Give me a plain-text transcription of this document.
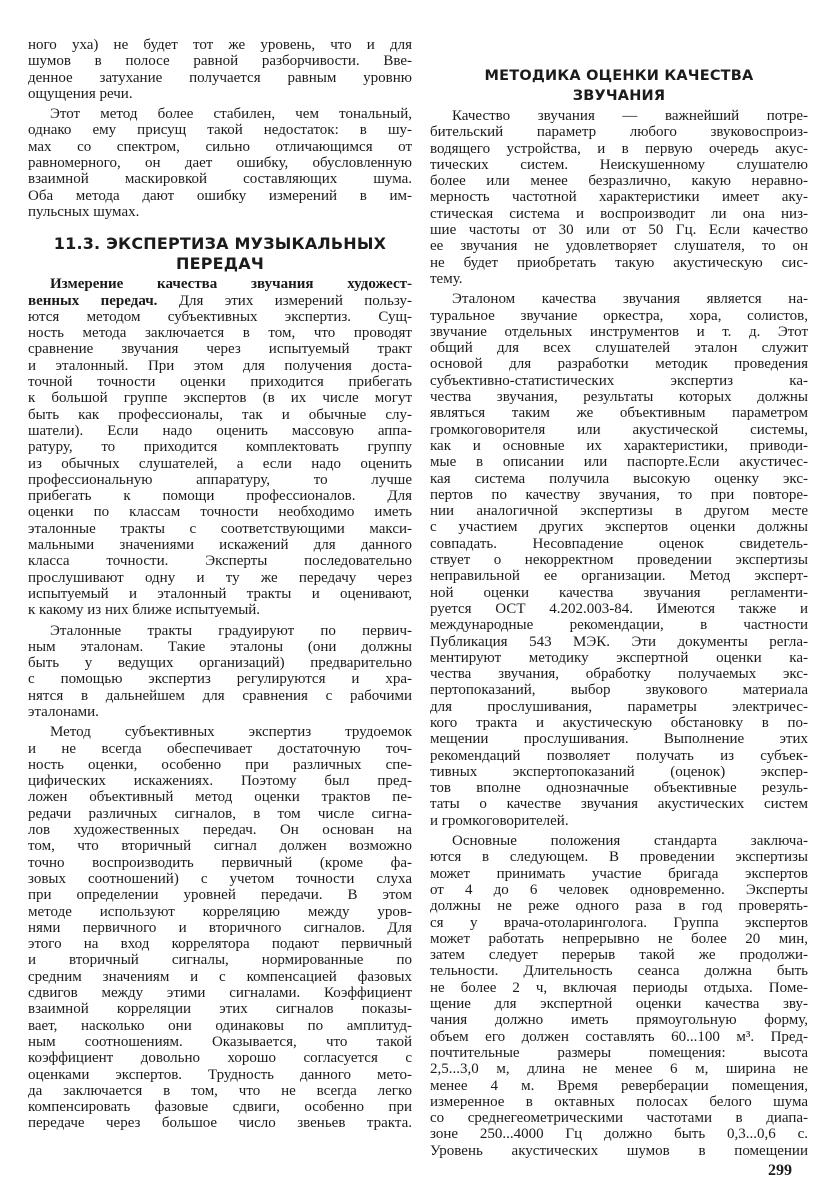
ного уха) не будет тот же уровень, что и для
шумов в полосе равной разборчивости. Вве-
денное затухание получается равным уровню
ощущения речи.
Этот метод более стабилен, чем тональный,
однако ему присущ такой недостаток: в шу-
мах со спектром, сильно отличающимся от
равномерного, он дает ошибку, обусловленную
взаимной маскировкой составляющих шума.
Оба метода дают ошибку измерений в им-
пульсных шумах.
11.3. ЭКСПЕРТИЗА МУЗЫКАЛЬНЫХ
ПЕРЕДАЧ
Измерение качества звучания художест-
венных передач. Для этих измерений пользу-
ются методом субъективных экспертиз. Сущ-
ность метода заключается в том, что проводят
сравнение звучания через испытуемый тракт
и эталонный. При этом для получения доста-
точной точности оценки приходится прибегать
к большой группе экспертов (в их числе могут
быть как профессионалы, так и обычные слу-
шатели). Если надо оценить массовую аппа-
ратуру, то приходится комплектовать группу
из обычных слушателей, а если надо оценить
профессиональную аппаратуру, то лучше
прибегать к помощи профессионалов. Для
оценки по классам точности необходимо иметь
эталонные тракты с соответствующими макси-
мальными значениями искажений для данного
класса точности. Эксперты последовательно
прослушивают одну и ту же передачу через
испытуемый и эталонный тракты и оценивают,
к какому из них ближе испытуемый.
Эталонные тракты градуируют по первич-
ным эталонам. Такие эталоны (они должны
быть у ведущих организаций) предварительно
с помощью экспертиз регулируются и хра-
нятся в дальнейшем для сравнения с рабочими
эталонами.
Метод субъективных экспертиз трудоемок
и не всегда обеспечивает достаточную точ-
ность оценки, особенно при различных спе-
цифических искажениях. Поэтому был пред-
ложен объективный метод оценки трактов пе-
редачи различных сигналов, в том числе сигна-
лов художественных передач. Он основан на
том, что вторичный сигнал должен возможно
точно воспроизводить первичный (кроме фа-
зовых соотношений) с учетом точности слуха
при определении уровней передачи. В этом
методе используют корреляцию между уров-
нями первичного и вторичного сигналов. Для
этого на вход коррелятора подают первичный
и вторичный сигналы, нормированные по
средним значениям и с компенсацией фазовых
сдвигов между этими сигналами. Коэффициент
взаимной корреляции этих сигналов показы-
вает, насколько они одинаковы по амплитуд-
ным соотношениям. Оказывается, что такой
коэффициент довольно хорошо согласуется с
оценками экспертов. Трудность данного мето-
да заключается в том, что не всегда легко
компенсировать фазовые сдвиги, особенно при
передаче через большое число звеньев тракта.
МЕТОДИКА ОЦЕНКИ КАЧЕСТВА
ЗВУЧАНИЯ
Качество звучания — важнейший потре-
бительский параметр любого звуковоспроиз-
водящего устройства, и в первую очередь акус-
тических систем. Неискушенному слушателю
более или менее безразлично, какую неравно-
мерность частотной характеристики имеет аку-
стическая система и воспроизводит ли она низ-
шие частоты от 30 или от 50 Гц. Если качество
ее звучания не удовлетворяет слушателя, то он
не будет приобретать такую акустическую сис-
тему.
Эталоном качества звучания является на-
туральное звучание оркестра, хора, солистов,
звучание отдельных инструментов и т. д. Этот
общий для всех слушателей эталон служит
основой для разработки методик проведения
субъективно-статистических экспертиз ка-
чества звучания, результаты которых должны
являться таким же объективным параметром
громкоговорителя или акустической системы,
как и основные их характеристики, приводи-
мые в описании или паспорте.Если акустичес-
кая система получила высокую оценку экс-
пертов по качеству звучания, то при повторе-
нии аналогичной экспертизы в другом месте
с участием других экспертов оценки должны
совпадать. Несовпадение оценок свидетель-
ствует о некорректном проведении экспертизы
неправильной ее организации. Метод эксперт-
ной оценки качества звучания регламенти-
руется ОСТ 4.202.003-84. Имеются также и
международные рекомендации, в частности
Публикация 543 МЭК. Эти документы регла-
ментируют методику экспертной оценки ка-
чества звучания, обработку получаемых экс-
пертопоказаний, выбор звукового материала
для прослушивания, параметры электричес-
кого тракта и акустическую обстановку в по-
мещении прослушивания. Выполнение этих
рекомендаций позволяет получать из субъек-
тивных экспертопоказаний (оценок) экспер-
тов вполне однозначные объективные резуль-
таты о качестве звучания акустических систем
и громкоговорителей.
Основные положения стандарта заключа-
ются в следующем. В проведении экспертизы
может принимать участие бригада экспертов
от 4 до 6 человек одновременно. Эксперты
должны не реже одного раза в год проверять-
ся у врача-отоларинголога. Группа экспертов
может работать непрерывно не более 20 мин,
затем следует перерыв такой же продолжи-
тельности. Длительность сеанса должна быть
не более 2 ч, включая периоды отдыха. Поме-
щение для экспертной оценки качества зву-
чания должно иметь прямоугольную форму,
объем его должен составлять 60...100 м³. Пред-
почтительные размеры помещения: высота
2,5...3,0 м, длина не менее 6 м, ширина не
менее 4 м. Время реверберации помещения,
измеренное в октавных полосах белого шума
со среднегеометрическими частотами в диапа-
зоне 250...4000 Гц должно быть 0,3...0,6 с.
Уровень акустических шумов в помещении
299
